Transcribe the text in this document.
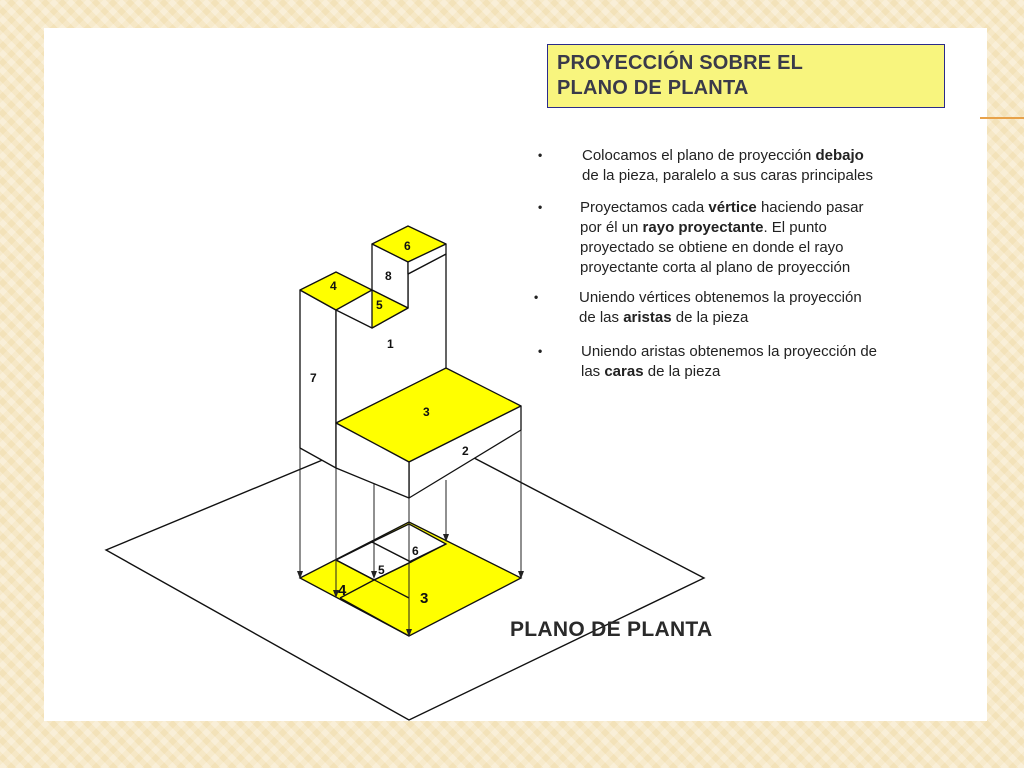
PROYECCIÓN SOBRE EL
PLANO DE PLANTA
•	Colocamos el plano de proyección debajo
de la pieza, paralelo a sus caras principales
•	Proyectamos cada vértice haciendo pasar
por él un rayo proyectante. El punto
proyectado se obtiene en donde el rayo
proyectante corta al plano de proyección
•	Uniendo vértices obtenemos la proyección
de las aristas de la pieza
•	Uniendo aristas obtenemos la proyección de
las caras de la pieza
1
2
3
4
5
6
7
8
3
4
5
6
PLANO DE PLANTA
